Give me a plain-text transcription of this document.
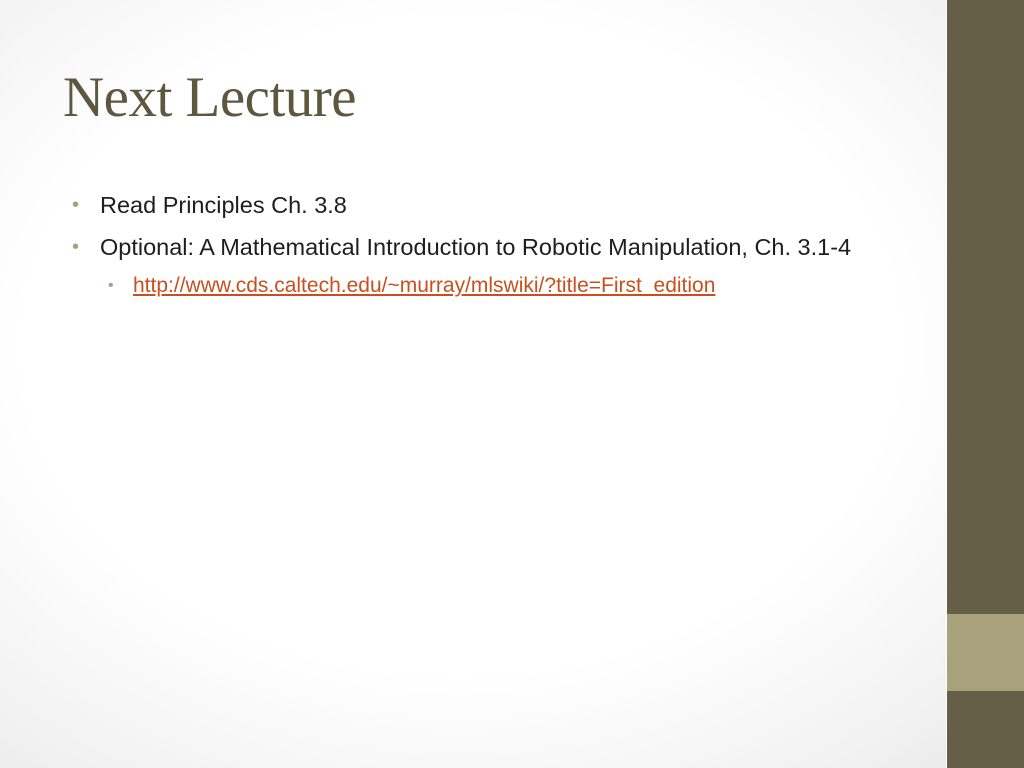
Next Lecture
• Read Principles Ch. 3.8
• Optional: A Mathematical Introduction to Robotic Manipulation, Ch. 3.1-4
• http://www.cds.caltech.edu/~murray/mlswiki/?title=First_edition
